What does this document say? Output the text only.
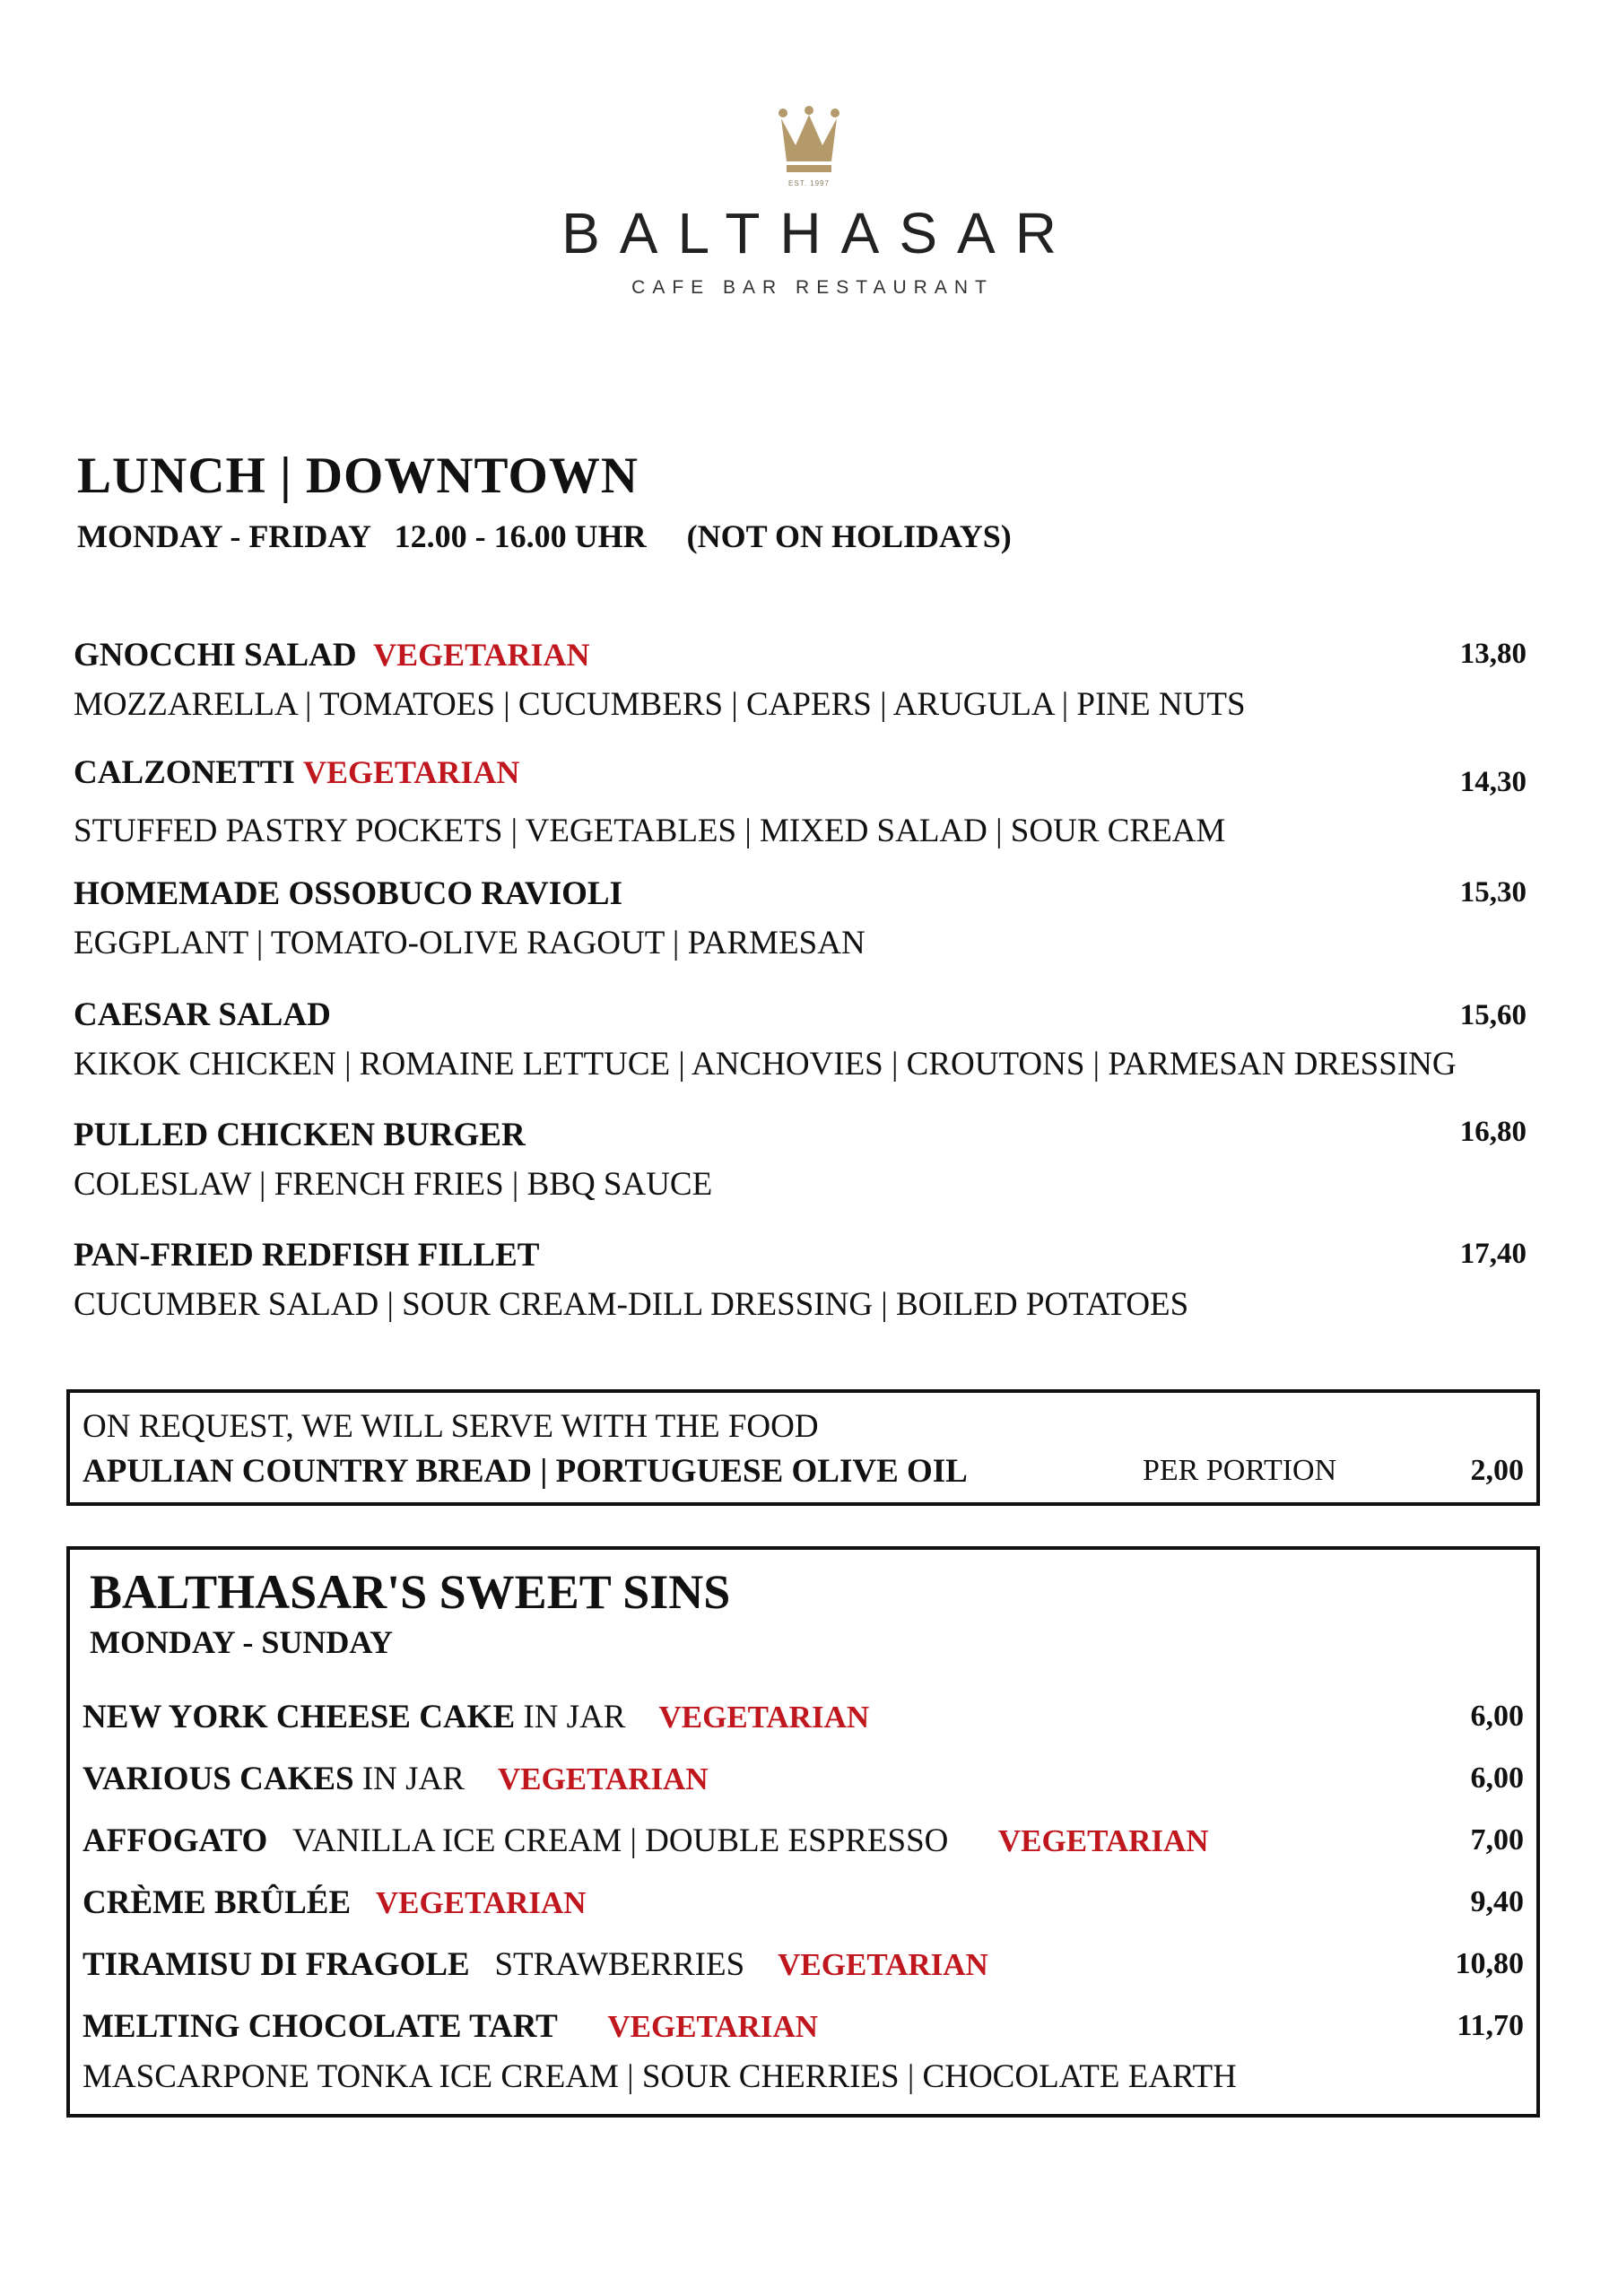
EST. 1997
BALTHASAR
CAFE BAR RESTAURANT
LUNCH | DOWNTOWN
MONDAY - FRIDAY   12.00 - 16.00 UHR     (NOT ON HOLIDAYS)
GNOCCHI SALAD VEGETARIAN
MOZZARELLA | TOMATOES | CUCUMBERS | CAPERS | ARUGULA | PINE NUTS
13,80
CALZONETTI VEGETARIAN
STUFFED PASTRY POCKETS | VEGETABLES | MIXED SALAD | SOUR CREAM
14,30
HOMEMADE OSSOBUCO RAVIOLI
EGGPLANT | TOMATO-OLIVE RAGOUT | PARMESAN
15,30
CAESAR SALAD
KIKOK CHICKEN | ROMAINE LETTUCE | ANCHOVIES | CROUTONS | PARMESAN DRESSING
15,60
PULLED CHICKEN BURGER
COLESLAW | FRENCH FRIES | BBQ SAUCE
16,80
PAN-FRIED REDFISH FILLET
CUCUMBER SALAD | SOUR CREAM-DILL DRESSING | BOILED POTATOES
17,40
ON REQUEST, WE WILL SERVE WITH THE FOOD
APULIAN COUNTRY BREAD | PORTUGUESE OLIVE OIL	PER PORTION	2,00
BALTHASAR'S SWEET SINS
MONDAY - SUNDAY
NEW YORK CHEESE CAKE IN JAR VEGETARIAN	6,00
VARIOUS CAKES IN JAR VEGETARIAN	6,00
AFFOGATO VANILLA ICE CREAM | DOUBLE ESPRESSO VEGETARIAN	7,00
CRÈME BRÛLÉE VEGETARIAN	9,40
TIRAMISU DI FRAGOLE STRAWBERRIES VEGETARIAN	10,80
MELTING CHOCOLATE TART VEGETARIAN	11,70
MASCARPONE TONKA ICE CREAM | SOUR CHERRIES | CHOCOLATE EARTH
